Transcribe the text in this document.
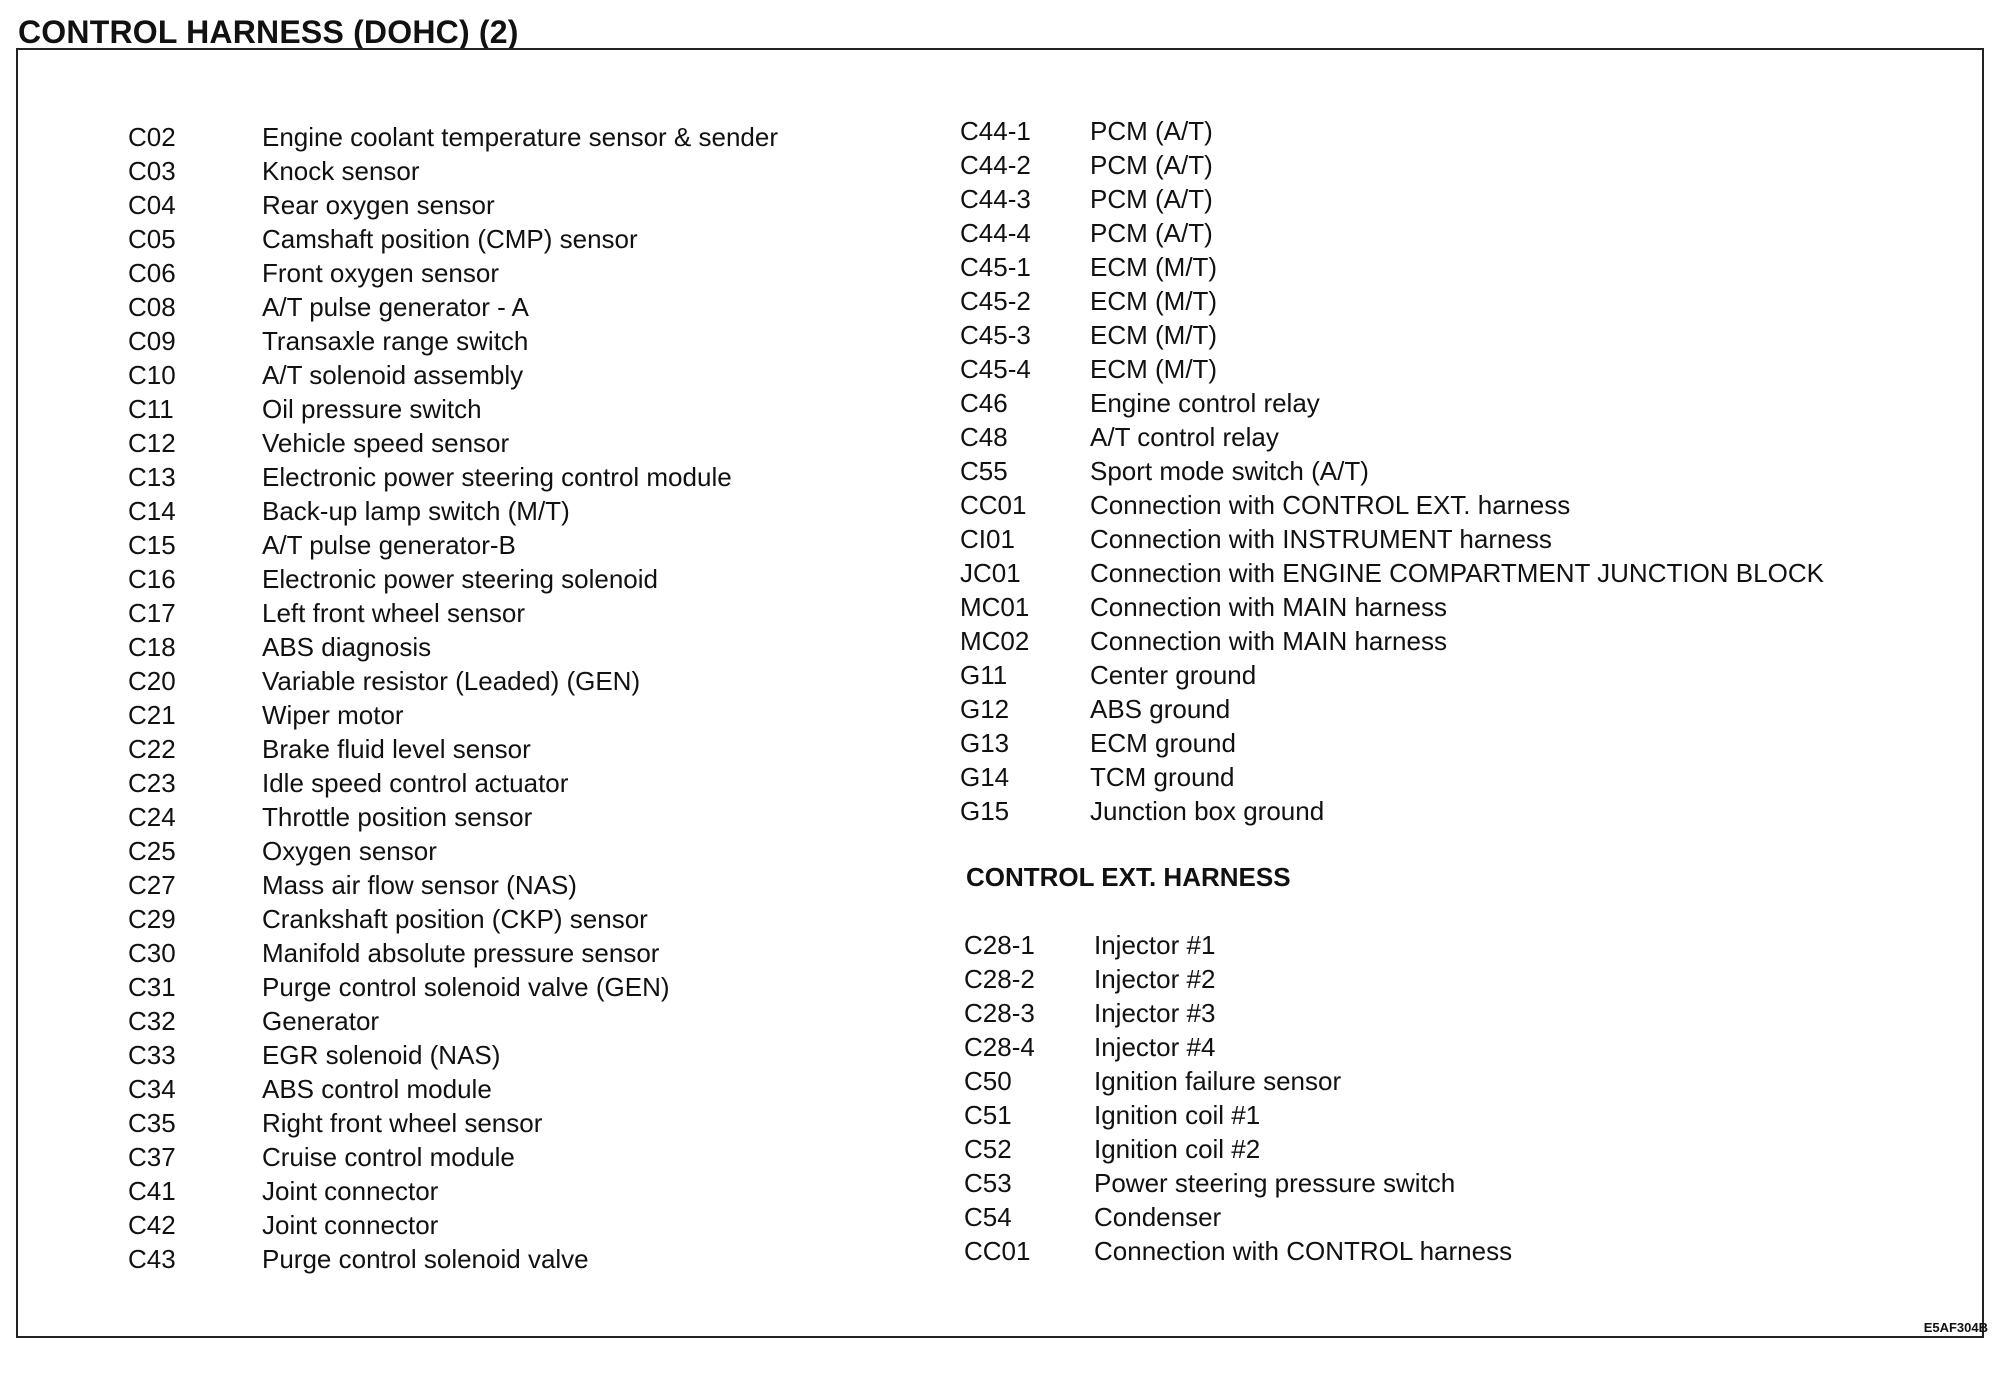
CONTROL HARNESS (DOHC) (2)
C02	Engine coolant temperature sensor & sender
C03	Knock sensor
C04	Rear oxygen sensor
C05	Camshaft position (CMP) sensor
C06	Front oxygen sensor
C08	A/T pulse generator - A
C09	Transaxle range switch
C10	A/T solenoid assembly
C11	Oil pressure switch
C12	Vehicle speed sensor
C13	Electronic power steering control module
C14	Back-up lamp switch (M/T)
C15	A/T pulse generator-B
C16	Electronic power steering solenoid
C17	Left front wheel sensor
C18	ABS diagnosis
C20	Variable resistor (Leaded) (GEN)
C21	Wiper motor
C22	Brake fluid level sensor
C23	Idle speed control actuator
C24	Throttle position sensor
C25	Oxygen sensor
C27	Mass air flow sensor (NAS)
C29	Crankshaft position (CKP) sensor
C30	Manifold absolute pressure sensor
C31	Purge control solenoid valve (GEN)
C32	Generator
C33	EGR solenoid (NAS)
C34	ABS control module
C35	Right front wheel sensor
C37	Cruise control module
C41	Joint connector
C42	Joint connector
C43	Purge control solenoid valve
C44-1	PCM (A/T)
C44-2	PCM (A/T)
C44-3	PCM (A/T)
C44-4	PCM (A/T)
C45-1	ECM (M/T)
C45-2	ECM (M/T)
C45-3	ECM (M/T)
C45-4	ECM (M/T)
C46	Engine control relay
C48	A/T control relay
C55	Sport mode switch (A/T)
CC01	Connection with CONTROL EXT. harness
CI01	Connection with INSTRUMENT harness
JC01	Connection with ENGINE COMPARTMENT JUNCTION BLOCK
MC01	Connection with MAIN harness
MC02	Connection with MAIN harness
G11	Center ground
G12	ABS ground
G13	ECM ground
G14	TCM ground
G15	Junction box ground
CONTROL EXT. HARNESS
C28-1	Injector #1
C28-2	Injector #2
C28-3	Injector #3
C28-4	Injector #4
C50	Ignition failure sensor
C51	Ignition coil #1
C52	Ignition coil #2
C53	Power steering pressure switch
C54	Condenser
CC01	Connection with CONTROL harness
E5AF304B
